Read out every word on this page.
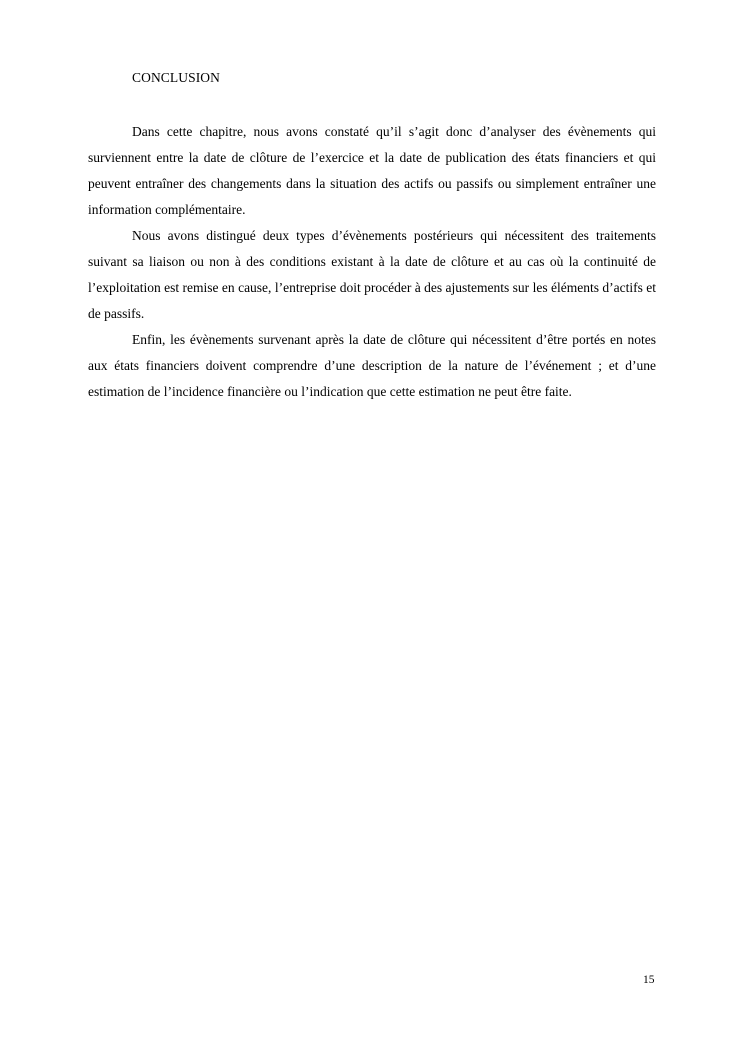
CONCLUSION

Dans cette chapitre, nous avons constaté qu’il s’agit donc d’analyser des évènements qui surviennent entre la date de clôture de l’exercice et la date de publication des états financiers et qui peuvent entraîner des changements dans la situation des actifs ou passifs ou simplement entraîner une information complémentaire.

Nous avons distingué deux types d’évènements postérieurs qui nécessitent des traitements suivant sa liaison ou non à des conditions existant à la date de clôture et au cas où la continuité de l’exploitation est remise en cause, l’entreprise doit procéder à des ajustements sur les éléments d’actifs et de passifs.

Enfin, les évènements survenant après la date de clôture qui nécessitent d’être portés en notes aux états financiers doivent comprendre d’une description de la nature de l’événement ; et d’une estimation de l’incidence financière ou l’indication que cette estimation ne peut être faite.

15
